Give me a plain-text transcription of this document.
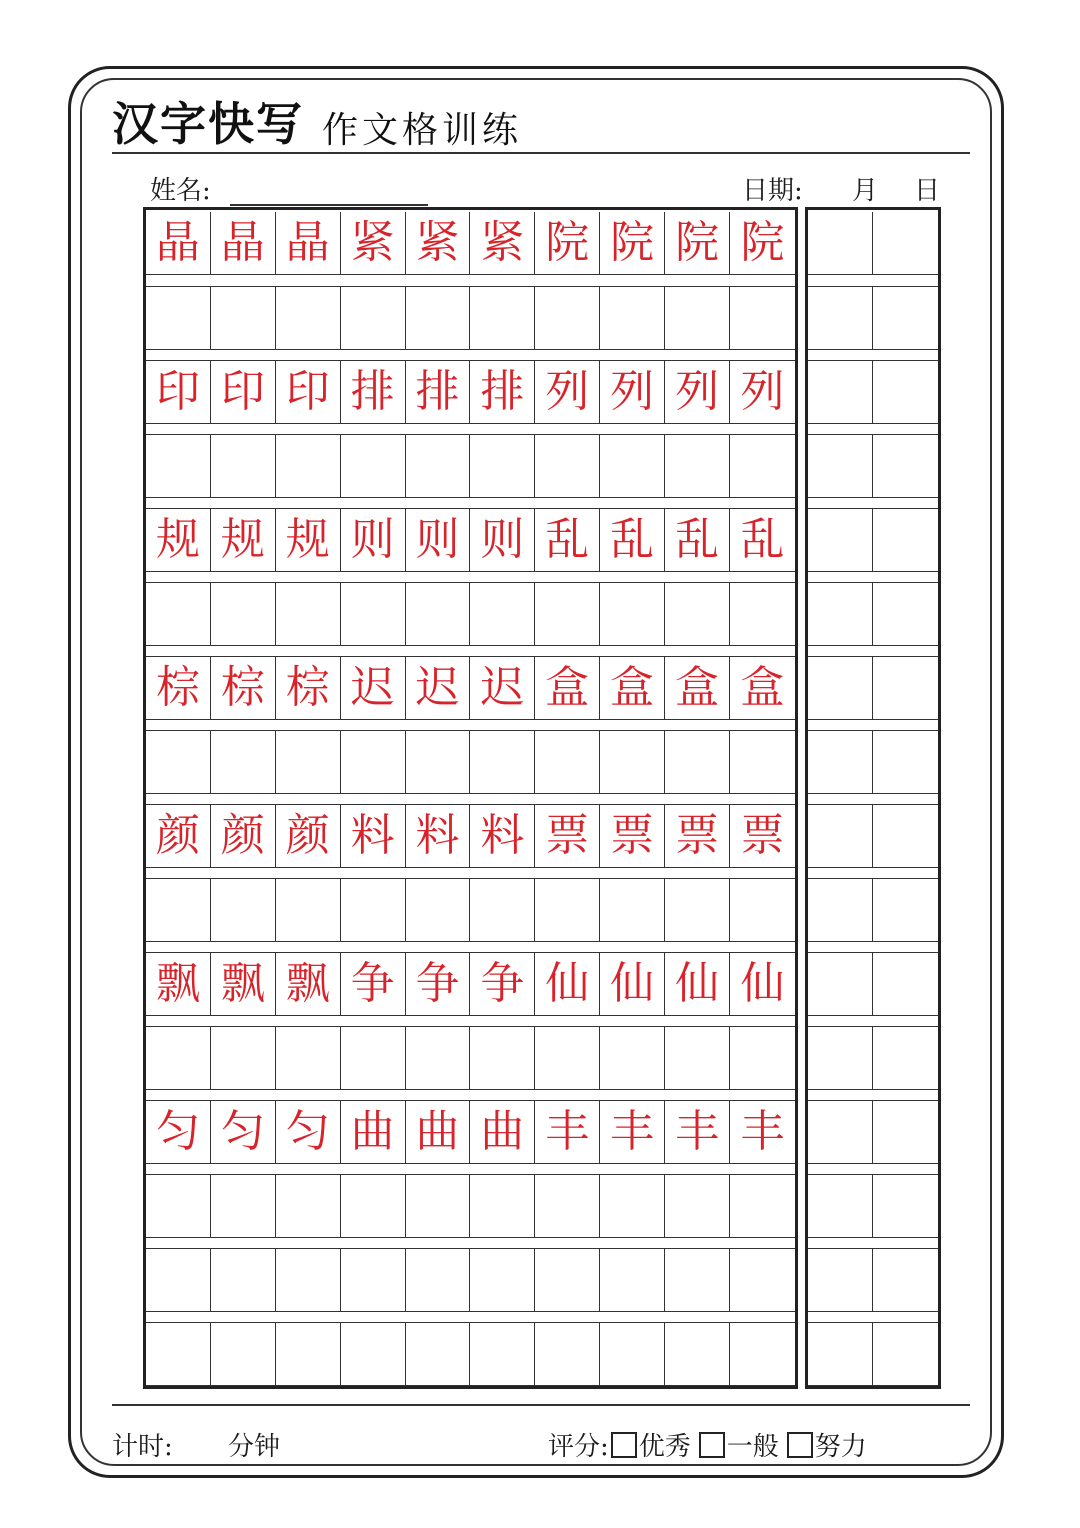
汉字快写 作文格训练
姓名:	日期: 月 日
晶 晶 晶 紧 紧 紧 院 院 院 院
印 印 印 排 排 排 列 列 列 列
规 规 规 则 则 则 乱 乱 乱 乱
棕 棕 棕 迟 迟 迟 盒 盒 盒 盒
颜 颜 颜 料 料 料 票 票 票 票
飘 飘 飘 争 争 争 仙 仙 仙 仙
匀 匀 匀 曲 曲 曲 丰 丰 丰 丰
计时: 分钟	评分: 优秀 一般 努力
